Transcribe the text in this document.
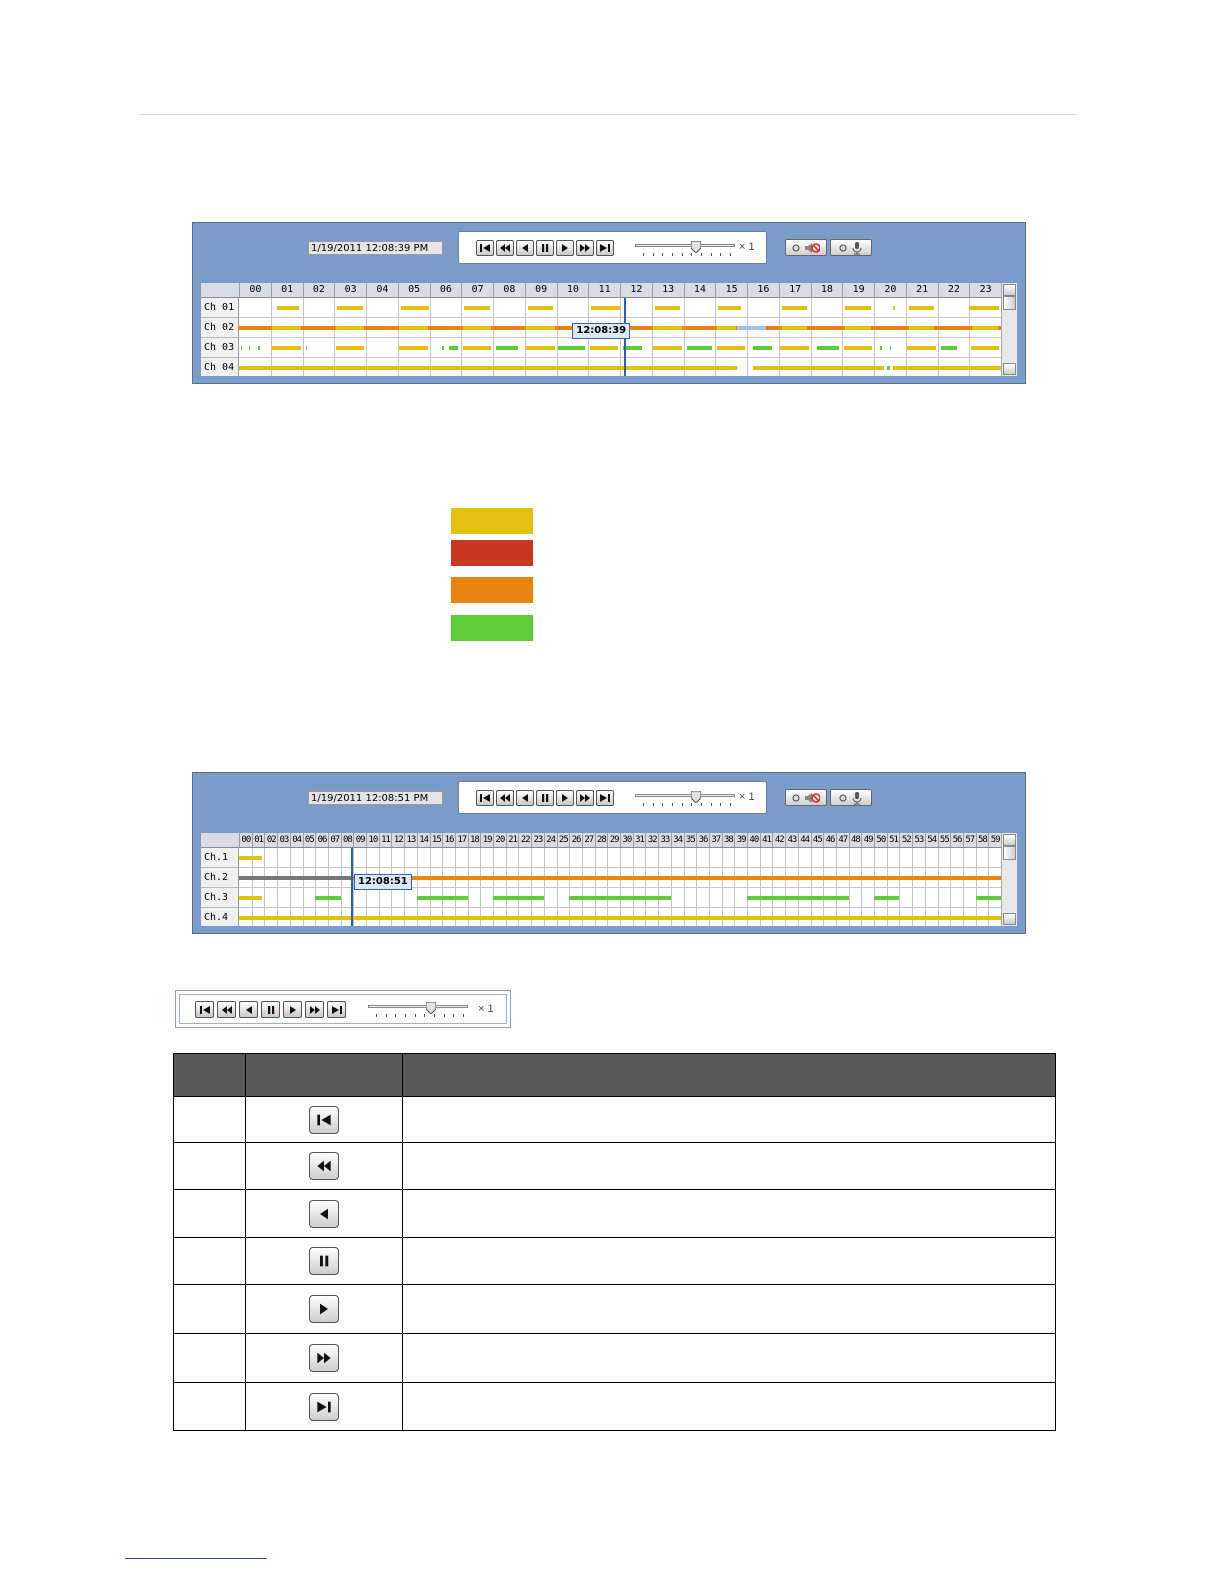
1/19/2011 12:08:39 PM	× 1
00	01	02	03	04	05	06	07	08	09	10	11	12	13	14	15	16	17	18	19	20	21	22	23
12:08:39
Ch 01
Ch 02
Ch 03
Ch 04
1/19/2011 12:08:51 PM	× 1
00 01 02 03 04 05 06 07 08 09 10 11 12 13 14 15 16 17 18 19 20 21 22 23 24 25 26 27 28 29 30 31 32 33 34 35 36 37 38 39 40 41 42 43 44 45 46 47 48 49 50 51 52 53 54 55 56 57 58 59
12:08:51
Ch.1
Ch.2
Ch.3
Ch.4
× 1
